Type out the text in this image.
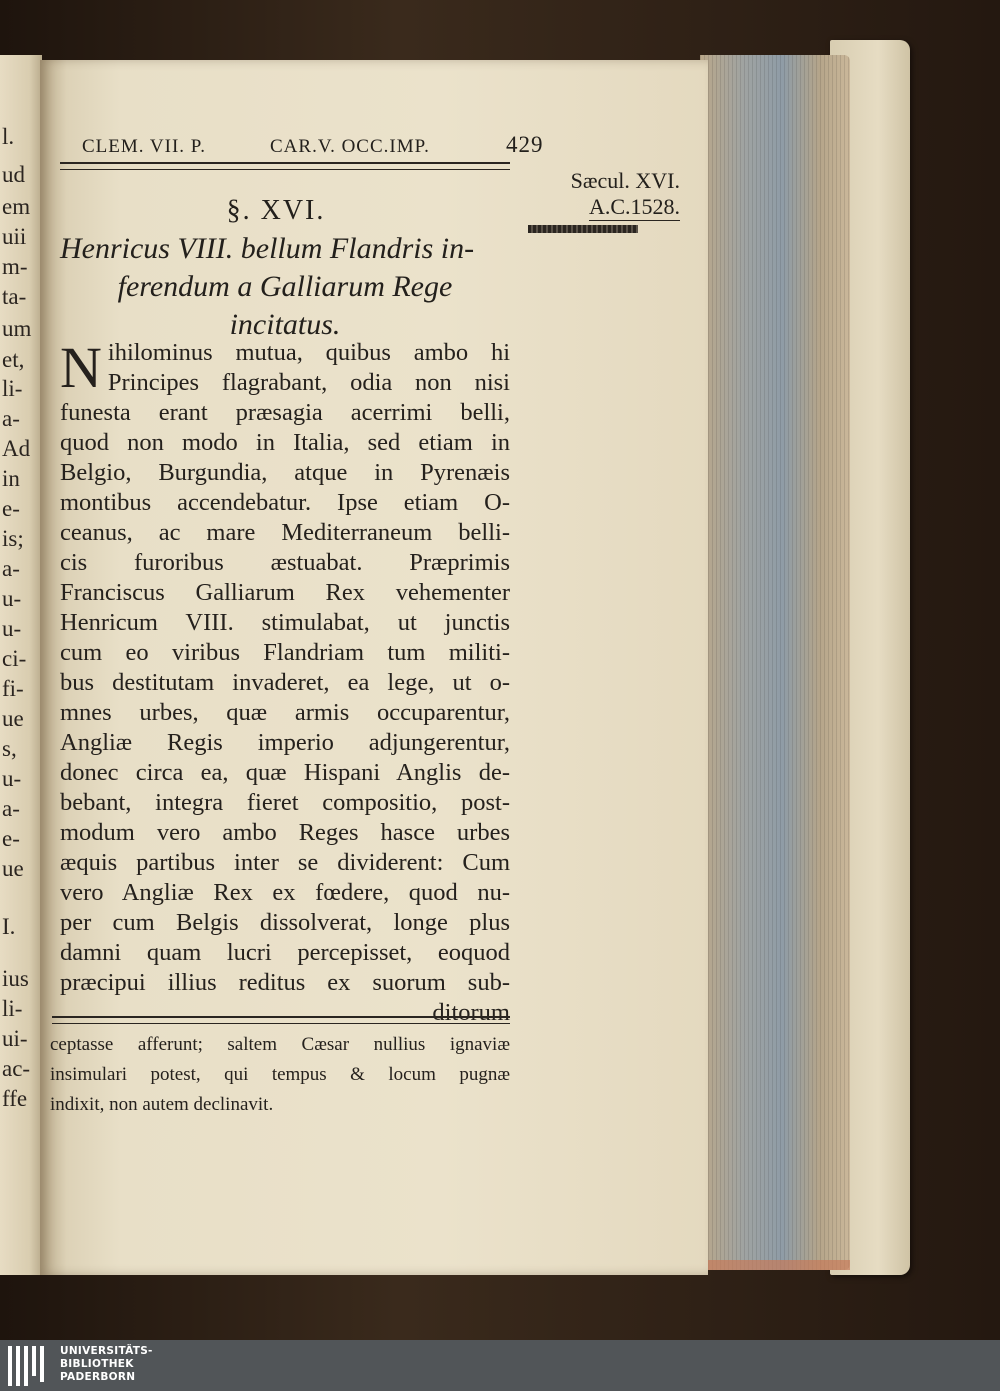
l.
ud
em
uii
m-
ta-
um
et,
li-
a-
Ad
in
e-
is;
a-
u-
u-
ci-
fi-
ue
s,
u-
a-
e-
ue
I.
ius
li-
ui-
ac-
ffe
CLEM. VII. P.	CAR.V. OCC.IMP.	429
Sæcul. XVI.
A.C.1528.
§. XVI.
Henricus VIII. bellum Flandris in-
ferendum a Galliarum Rege
incitatus.
N ihilominus mutua, quibus ambo hi
Principes flagrabant, odia non nisi
funesta erant præsagia acerrimi belli,
quod non modo in Italia, sed etiam in
Belgio, Burgundia, atque in Pyrenæis
montibus accendebatur. Ipse etiam O-
ceanus, ac mare Mediterraneum belli-
cis furoribus æstuabat. Præprimis
Franciscus Galliarum Rex vehementer
Henricum VIII. stimulabat, ut junctis
cum eo viribus Flandriam tum militi-
bus destitutam invaderet, ea lege, ut o-
mnes urbes, quæ armis occuparentur,
Angliæ Regis imperio adjungerentur,
donec circa ea, quæ Hispani Anglis de-
bebant, integra fieret compositio, post-
modum vero ambo Reges hasce urbes
æquis partibus inter se dividerent: Cum
vero Angliæ Rex ex fœdere, quod nu-
per cum Belgis dissolverat, longe plus
damni quam lucri percepisset, eoquod
præcipui illius reditus ex suorum sub-
ditorum
ceptasse afferunt; saltem Cæsar nullius ignaviæ
insimulari potest, qui tempus & locum pugnæ
indixit, non autem declinavit.
UNIVERSITÄTS-
BIBLIOTHEK
PADERBORN
